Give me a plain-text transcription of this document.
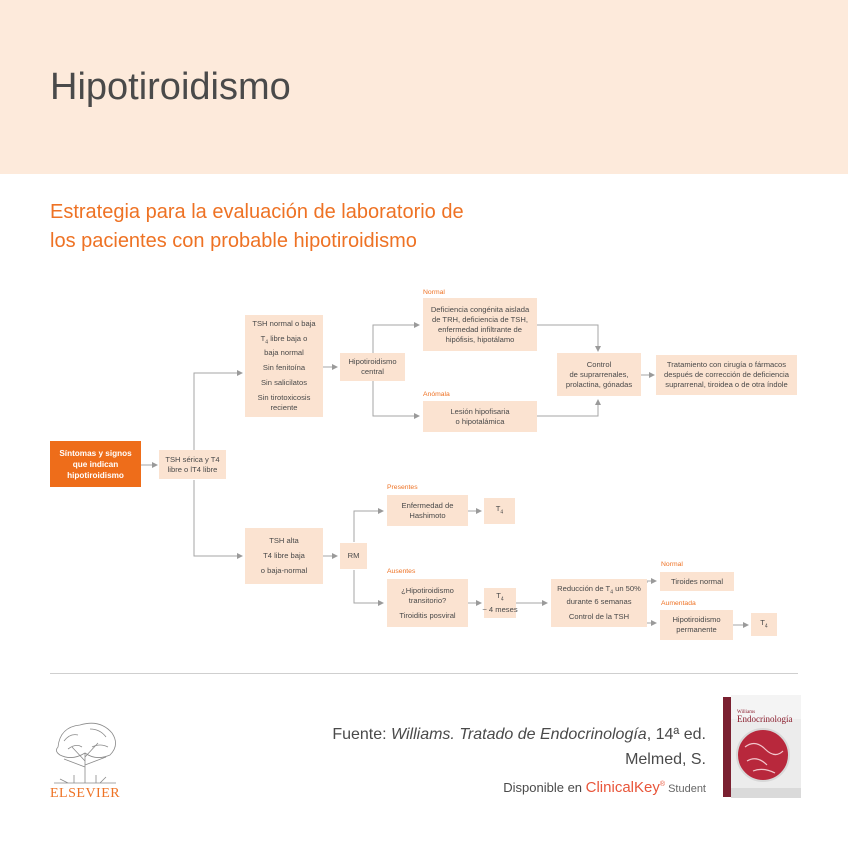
Hipotiroidismo
Estrategia para la evaluación de laboratorio de
los pacientes con probable hipotiroidismo
Síntomas y signos
que indican
hipotiroidismo
TSH sérica y T4
libre o lT4 libre
TSH normal o baja
$T_4$ libre baja o
baja normal
Sin fenitoína
Sin salicilatos
Sin tirotoxicosis
reciente
Hipotiroidismo
central
Normal
Deficiencia congénita aislada
de TRH, deficiencia de TSH,
enfermedad infiltrante de
hipófisis, hipotálamo
Anómala
Lesión hipofisaria
o hipotalámica
Control
de suprarrenales,
prolactina, gónadas
Tratamiento con cirugía o fármacos
después de corrección de deficiencia
suprarrenal, tiroidea o de otra índole
TSH alta
T4 libre baja
o baja-normal
RM
Presentes
Enfermedad de
Hashimoto
$T_4$
Ausentes
¿Hipotiroidismo
transitorio?
Tiroiditis posviral
$T_4$
~ 4 meses
Reducción de $T_4$ un 50%
durante 6 semanas
Control de la TSH
Normal
Tiroides normal
Aumentada
Hipotiroidismo
permanente
$T_4$
ELSEVIER
Fuente: Williams. Tratado de Endocrinología, 14ª ed.
Melmed, S.
Disponible en ClinicalKey® Student
Williams
Endocrinología
